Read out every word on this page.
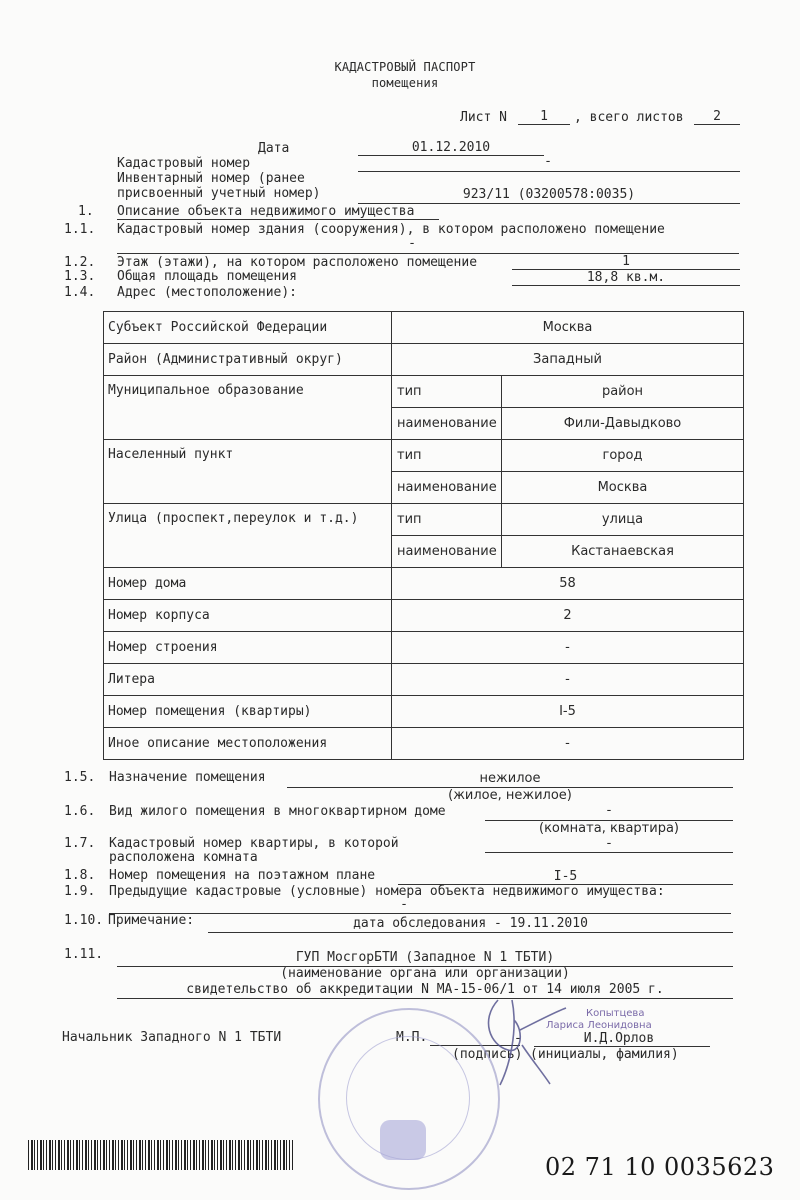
КАДАСТРОВЫЙ ПАСПОРТ
помещения
Лист N	1	, всего листов	2
Дата	01.12.2010
Кадастровый номер	-
Инвентарный номер (ранее
присвоенный учетный номер)	923/11 (03200578:0035)
1. Описание объекта недвижимого имущества
1.1. Кадастровый номер здания (сооружения), в котором расположено помещение
-
1.2. Этаж (этажи), на котором расположено помещение	1
1.3. Общая площадь помещения	18,8 кв.м.
1.4. Адрес (местоположение):
Субъект Российской Федерации	Москва	
Район (Административный округ)	Западный	
Муниципальное образование	тип	район
	наименование	Фили-Давыдково
Населенный пункт	тип	город
	наименование	Москва
Улица (проспект,переулок и т.д.)	тип	улица
	наименование	Кастанаевская
Номер дома	58	
Номер корпуса	2	
Номер строения	-	
Литера	-	
Номер помещения (квартиры)	I-5	
Иное описание местоположения	-	
1.5. Назначение помещения	нежилое
(жилое, нежилое)
1.6. Вид жилого помещения в многоквартирном доме	-
(комната, квартира)
1.7. Кадастровый номер квартиры, в которой
расположена комната
-
1.8. Номер помещения на поэтажном плане	I-5
1.9. Предыдущие кадастровые (условные) номера объекта недвижимого имущества:
-
1.10. Примечание:	дата обследования - 19.11.2010
1.11.	ГУП МосгорБТИ (Западное N 1 ТБТИ)
(наименование органа или организации)
свидетельство об аккредитации N МА-15-06/1 от 14 июля 2005 г.
Начальник Западного N 1 ТБТИ	М.П.	-	И.Д.Орлов
(подпись) (инициалы, фамилия)
Копытцева
Лариса Леонидовна
02 71 10 0035623
